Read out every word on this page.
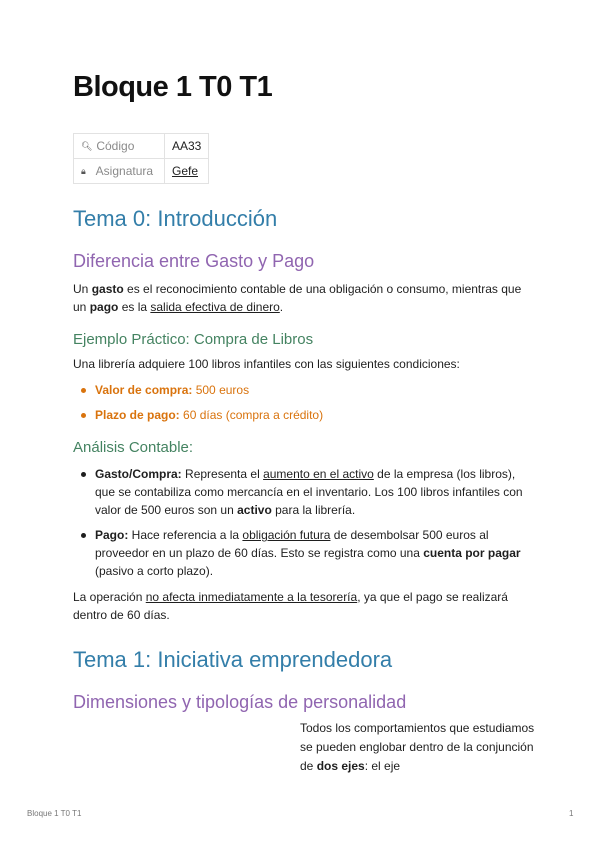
Bloque 1 T0 T1
🔍︎ Código	AA33
🔒︎ Asignatura	Gefe
Tema 0: Introducción
Diferencia entre Gasto y Pago

Un gasto es el reconocimiento contable de una obligación o consumo, mientras que un pago es la salida efectiva de dinero.

Ejemplo Práctico: Compra de Libros

Una librería adquiere 100 libros infantiles con las siguientes condiciones:

Valor de compra: 500 euros
Plazo de pago: 60 días (compra a crédito)
Análisis Contable:
Gasto/Compra: Representa el aumento en el activo de la empresa (los libros), que se contabiliza como mercancía en el inventario. Los 100 libros infantiles con valor de 500 euros son un activo para la librería.
Pago: Hace referencia a la obligación futura de desembolsar 500 euros al proveedor en un plazo de 60 días. Esto se registra como una cuenta por pagar (pasivo a corto plazo).

La operación no afecta inmediatamente a la tesorería, ya que el pago se realizará dentro de 60 días.

Tema 1: Iniciativa emprendedora
Dimensiones y tipologías de personalidad
Todos los comportamientos que estudiamos se pueden englobar dentro de la conjunción de dos ejes: el eje
Bloque 1 T0 T1	1
